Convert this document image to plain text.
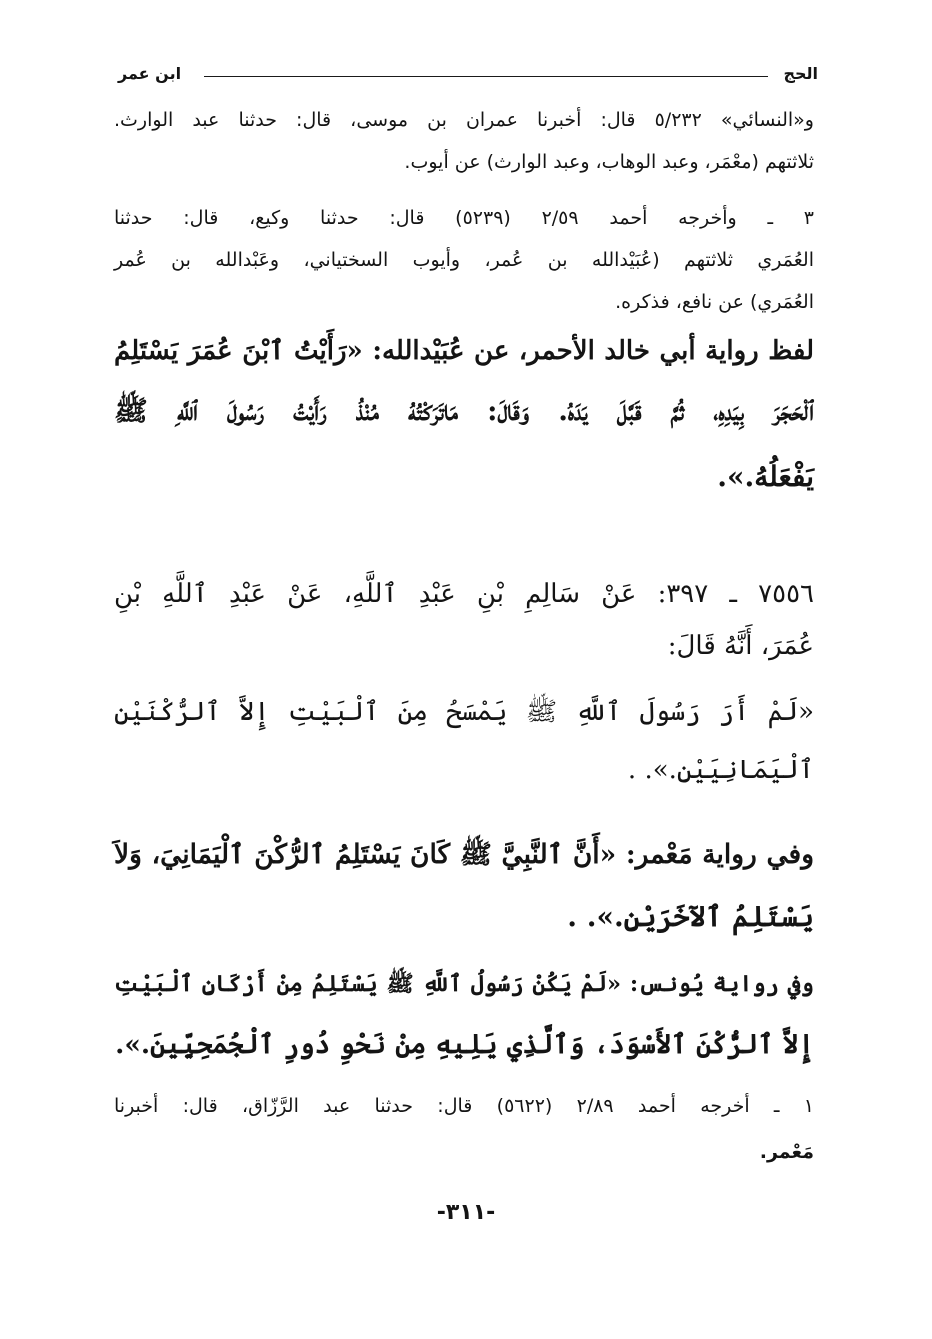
الحج
ابن عمر
و«النسائي» ٥/٢٣٢ قال: أخبرنا عمران بن موسى، قال: حدثنا عبد الوارث.
ثلاثتهم (معْمَر، وعبد الوهاب، وعبد الوارث) عن أيوب.
٣ ـ وأخرجه أحمد ٢/٥٩ (٥٢٣٩) قال: حدثنا وكيع، قال: حدثنا
العُمَري ثلاثتهم (عُبَيْدالله بن عُمر، وأيوب السختياني، وعَبْدالله بن عُمر
العُمَري) عن نافع، فذكره.
لفظ رواية أبي خالد الأحمر، عن عُبَيْدالله: «رَأَيْتُ ٱبْنَ عُمَرَ يَسْتَلِمُ
ٱلْحَجَرَ بِيَدِهِ، ثُمَّ قَبَّلَ يَدَهُ. وَقَالَ: مَاتَرَكْتُهُ مُنْذُ رَأَيْتُ رَسُولَ ٱللَّهِ ﷺ
يَفْعَلُهُ.».
٧٥٥٦ ـ ٣٩٧: عَنْ سَالِمِ بْنِ عَبْدِ ٱللَّهِ، عَنْ عَبْدِ ٱللَّهِ بْنِ
عُمَرَ، أَنَّهُ قَالَ:
«لَمْ أَرَ رَسُولَ ٱللَّهِ ﷺ يَمْسَحُ مِنَ ٱلْبَيْتِ إِلاَّ ٱلرُّكْنَيْنِ
ٱلْيَمَانِيَيْنِ.». .
وفي رواية مَعْمر: «أَنَّ ٱلنَّبِيَّ ﷺ كَانَ يَسْتَلِمُ ٱلرُّكْنَ ٱلْيَمَانِيَ، وَلاَ
يَسْتَلِمُ ٱلآخَرَيْنِ.». .
وفي رواية يُونس: «لَمْ يَكُنْ رَسُولُ ٱللَّهِ ﷺ يَسْتَلِمُ مِنْ أَرْكَانِ ٱلْبَيْتِ
إِلاَّ ٱلرُّكْنَ ٱلأَسْوَدَ، وَٱلَّذِي يَلِيهِ مِنْ نَحْوِ دُورِ ٱلْجُمَحِيِّينَ.».
١ ـ أخرجه أحمد ٢/٨٩ (٥٦٢٢) قال: حدثنا عبد الرَّزّاق، قال: أخبرنا
مَعْمر.
-٣١١-
